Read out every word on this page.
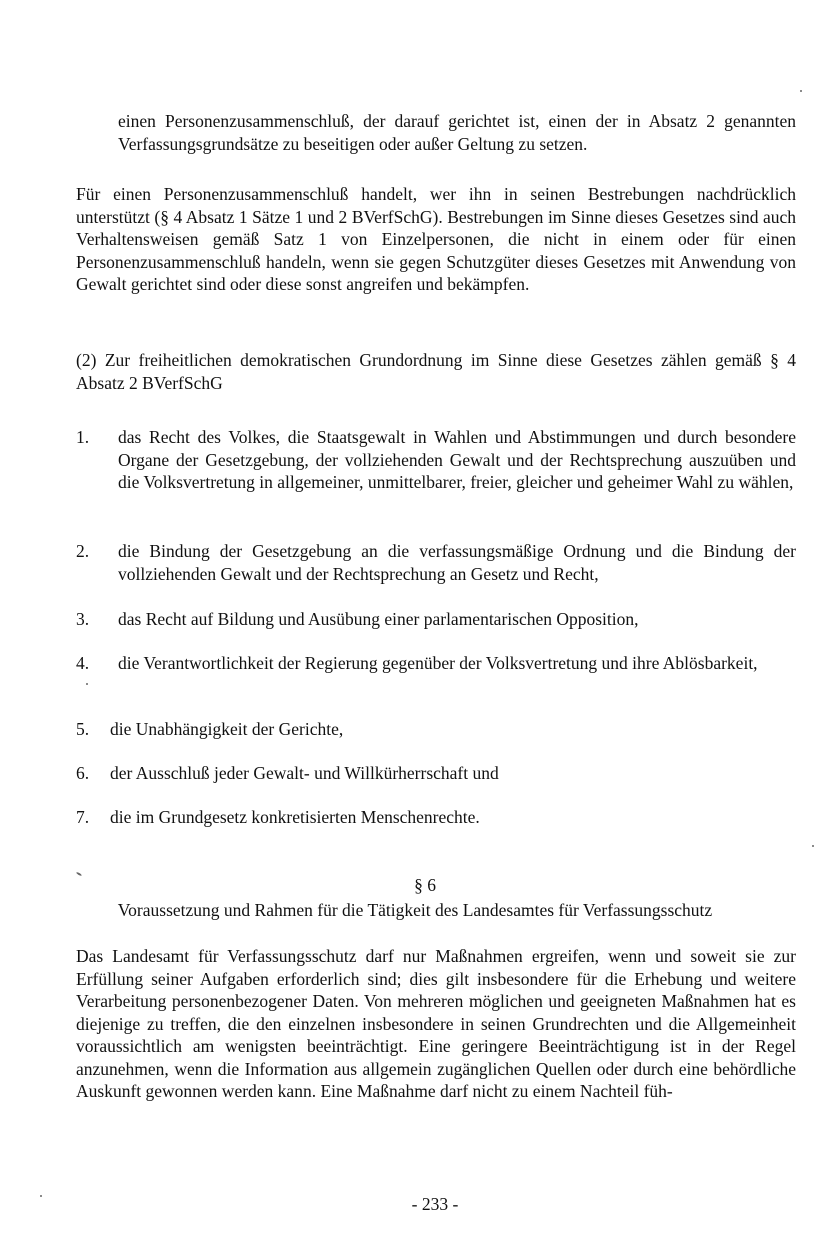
einen Personenzusammenschluß, der darauf gerichtet ist, einen der in Absatz 2 genannten Verfassungsgrundsätze zu beseitigen oder außer Geltung zu setzen.

Für einen Personenzusammenschluß handelt, wer ihn in seinen Bestrebungen nachdrücklich unterstützt (§ 4 Absatz 1 Sätze 1 und 2 BVerfSchG). Bestrebungen im Sinne dieses Gesetzes sind auch Verhaltensweisen gemäß Satz 1 von Einzelpersonen, die nicht in einem oder für einen Personenzusammenschluß handeln, wenn sie gegen Schutzgüter dieses Gesetzes mit Anwendung von Gewalt gerichtet sind oder diese sonst angreifen und bekämpfen.

(2) Zur freiheitlichen demokratischen Grundordnung im Sinne diese Gesetzes zählen gemäß § 4 Absatz 2 BVerfSchG

1. das Recht des Volkes, die Staatsgewalt in Wahlen und Abstimmungen und durch besondere Organe der Gesetzgebung, der vollziehenden Gewalt und der Rechtsprechung auszuüben und die Volksvertretung in allgemeiner, unmittelbarer, freier, gleicher und geheimer Wahl zu wählen,

2. die Bindung der Gesetzgebung an die verfassungsmäßige Ordnung und die Bindung der vollziehenden Gewalt und der Rechtsprechung an Gesetz und Recht,

3. das Recht auf Bildung und Ausübung einer parlamentarischen Opposition,

4. die Verantwortlichkeit der Regierung gegenüber der Volksvertretung und ihre Ablösbarkeit,

5. die Unabhängigkeit der Gerichte,

6. der Ausschluß jeder Gewalt- und Willkürherrschaft und

7. die im Grundgesetz konkretisierten Menschenrechte.

§ 6
Voraussetzung und Rahmen für die Tätigkeit des Landesamtes für Verfassungsschutz

Das Landesamt für Verfassungsschutz darf nur Maßnahmen ergreifen, wenn und soweit sie zur Erfüllung seiner Aufgaben erforderlich sind; dies gilt insbesondere für die Erhebung und weitere Verarbeitung personenbezogener Daten. Von mehreren möglichen und geeigneten Maßnahmen hat es diejenige zu treffen, die den einzelnen insbesondere in seinen Grundrechten und die Allgemeinheit voraussichtlich am wenigsten beeinträchtigt. Eine geringere Beeinträchtigung ist in der Regel anzunehmen, wenn die Information aus allgemein zugänglichen Quellen oder durch eine behördliche Auskunft gewonnen werden kann. Eine Maßnahme darf nicht zu einem Nachteil füh-

- 233 -
